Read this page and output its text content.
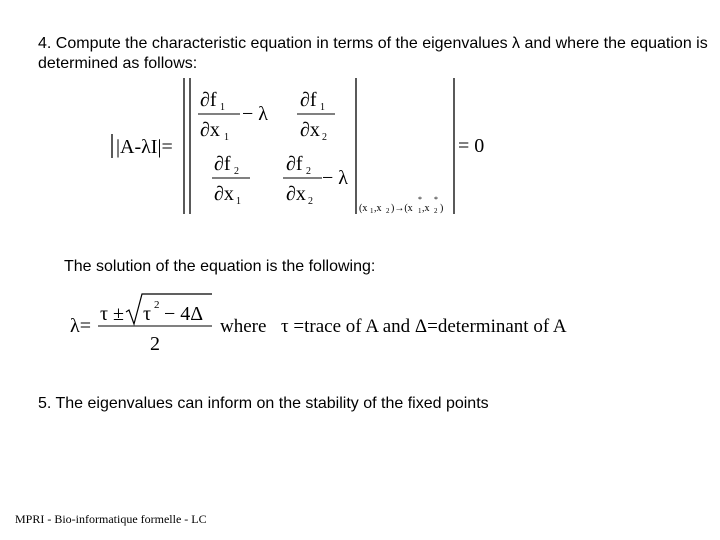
4. Compute the characteristic equation in terms of the eigenvalues λ and where the equation is determined as follows:
|A-λI|=
∂f 1
∂x 1
− λ
∂f 1
∂x 2
∂f 2
∂x 1
∂f 2
∂x 2
− λ
(x 1 ,x 2 )→(x 1
*
,x 2
*
)
= 0
The solution of the equation is the following:
λ=
τ ± τ 2 − 4Δ
2
where τ =trace of A and Δ=determinant of A
5. The eigenvalues can inform on the stability of the fixed points
MPRI - Bio-informatique formelle - LC
